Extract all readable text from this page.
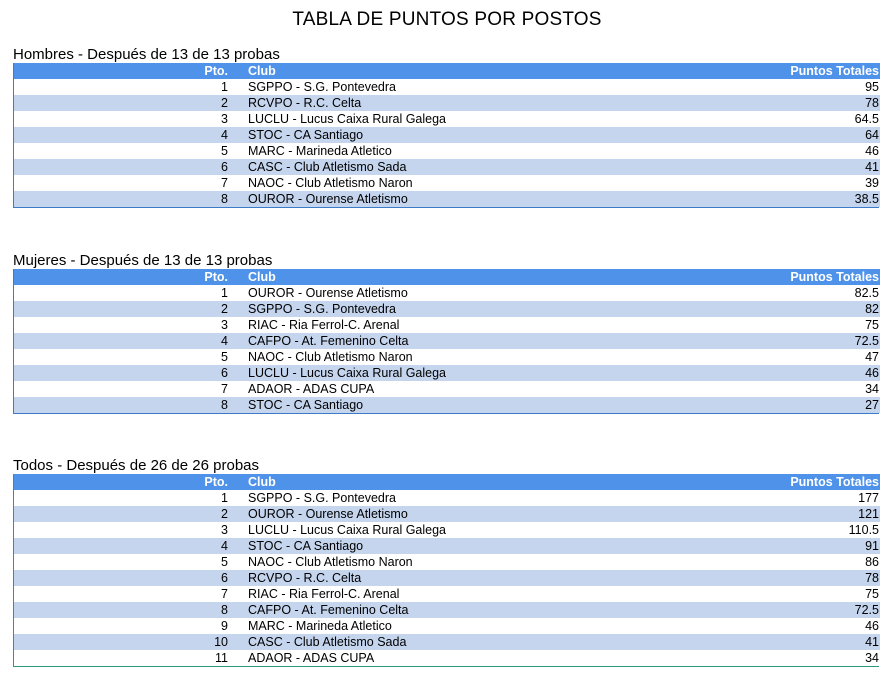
TABLA DE PUNTOS POR POSTOS
Hombres - Después de 13 de 13 probas
Pto.	Club	Puntos Totales
1	SGPPO - S.G. Pontevedra	95
2	RCVPO - R.C. Celta	78
3	LUCLU - Lucus Caixa Rural Galega	64.5
4	STOC - CA Santiago	64
5	MARC - Marineda Atletico	46
6	CASC - Club Atletismo Sada	41
7	NAOC - Club Atletismo Naron	39
8	OUROR - Ourense Atletismo	38.5
Mujeres - Después de 13 de 13 probas
Pto.	Club	Puntos Totales
1	OUROR - Ourense Atletismo	82.5
2	SGPPO - S.G. Pontevedra	82
3	RIAC - Ria Ferrol-C. Arenal	75
4	CAFPO - At. Femenino Celta	72.5
5	NAOC - Club Atletismo Naron	47
6	LUCLU - Lucus Caixa Rural Galega	46
7	ADAOR - ADAS CUPA	34
8	STOC - CA Santiago	27
Todos - Después de 26 de 26 probas
Pto.	Club	Puntos Totales
1	SGPPO - S.G. Pontevedra	177
2	OUROR - Ourense Atletismo	121
3	LUCLU - Lucus Caixa Rural Galega	110.5
4	STOC - CA Santiago	91
5	NAOC - Club Atletismo Naron	86
6	RCVPO - R.C. Celta	78
7	RIAC - Ria Ferrol-C. Arenal	75
8	CAFPO - At. Femenino Celta	72.5
9	MARC - Marineda Atletico	46
10	CASC - Club Atletismo Sada	41
11	ADAOR - ADAS CUPA	34
